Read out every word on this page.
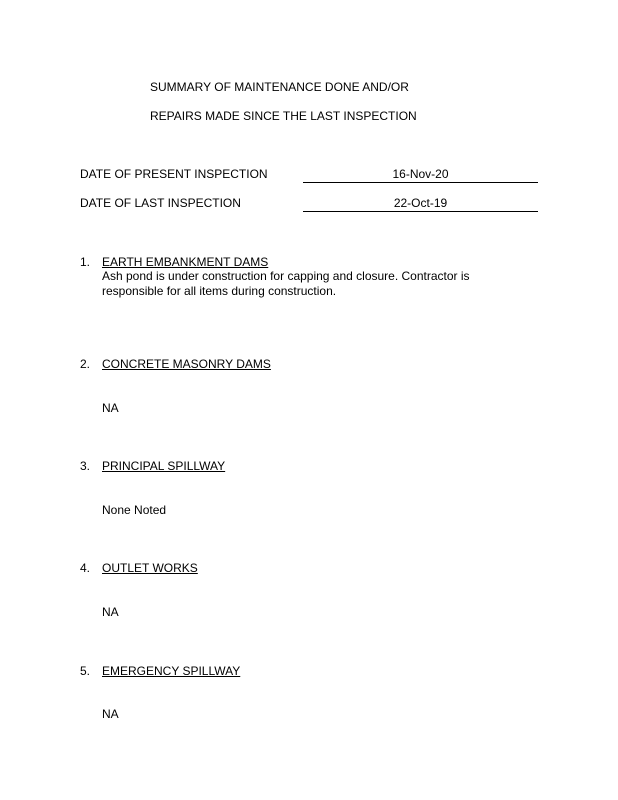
SUMMARY OF MAINTENANCE DONE AND/OR
REPAIRS MADE SINCE THE LAST INSPECTION
DATE OF PRESENT INSPECTION	16-Nov-20
DATE OF LAST INSPECTION	22-Oct-19
1. EARTH EMBANKMENT DAMS
Ash pond is under construction for capping and closure. Contractor is responsible for all items during construction.
2. CONCRETE MASONRY DAMS
NA
3. PRINCIPAL SPILLWAY
None Noted
4. OUTLET WORKS
NA
5. EMERGENCY SPILLWAY
NA
